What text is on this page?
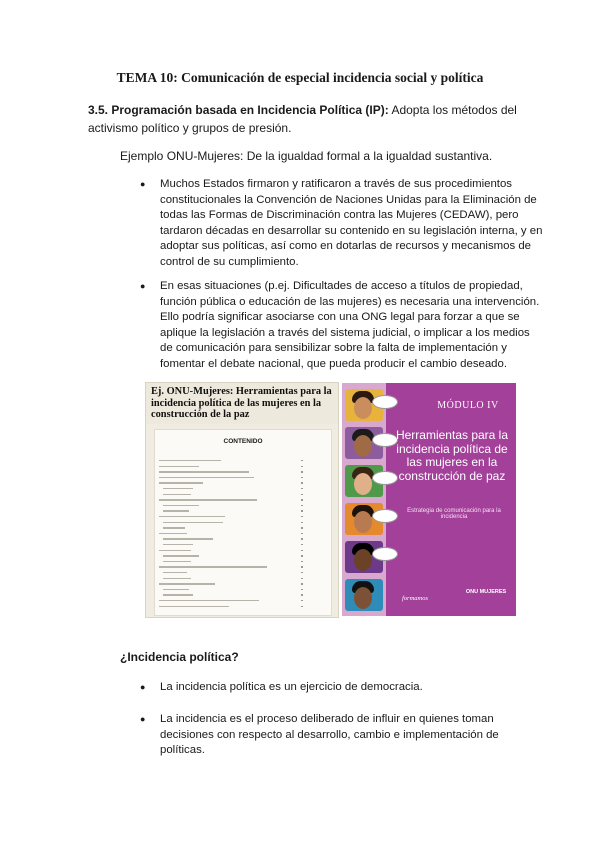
TEMA 10: Comunicación de especial incidencia social y política
3.5. Programación basada en Incidencia Política (IP): Adopta los métodos del activismo político y grupos de presión.
Ejemplo ONU-Mujeres: De la igualdad formal a la igualdad sustantiva.
● Muchos Estados firmaron y ratificaron a través de sus procedimientos constitucionales la Convención de Naciones Unidas para la Eliminación de todas las Formas de Discriminación contra las Mujeres (CEDAW), pero tardaron décadas en desarrollar su contenido en su legislación interna, y en adoptar sus políticas, así como en dotarlas de recursos y mecanismos de control de su cumplimiento.
● En esas situaciones (p.ej. Dificultades de acceso a títulos de propiedad, función pública o educación de las mujeres) es necesaria una intervención. Ello podría significar asociarse con una ONG legal para forzar a que se aplique la legislación a través del sistema judicial, o implicar a los medios de comunicación para sensibilizar sobre la falta de implementación y fomentar el debate nacional, que pueda producir el cambio deseado.
Ej. ONU-Mujeres: Herramientas para la incidencia política de las mujeres en la construcción de la paz
CONTENIDO
MÓDULO IV
Herramientas para la incidencia política de las mujeres en la construcción de paz
Estrategia de comunicación para la incidencia
formamos
ONU MUJERES
¿Incidencia política?
● La incidencia política es un ejercicio de democracia.
● La incidencia es el proceso deliberado de influir en quienes toman decisiones con respecto al desarrollo, cambio e implementación de políticas.
